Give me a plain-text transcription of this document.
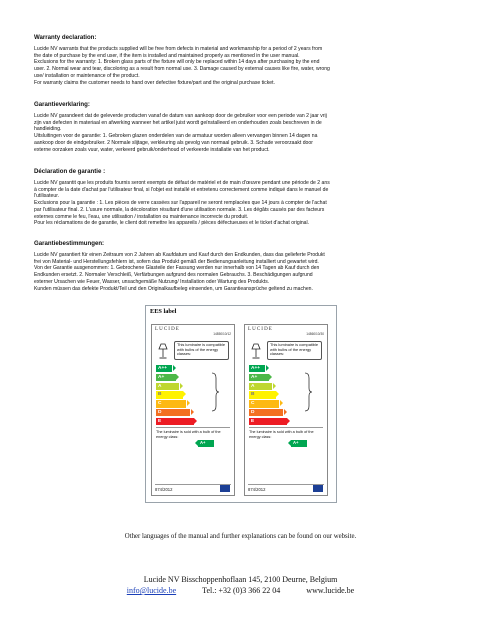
Warranty declaration:

Lucide NV warrants that the products supplied will be free from defects in material and workmanship for a period of 2 years from

the date of purchase by the end user, if the item is installed and maintained properly as mentioned in the user manual.

Exclusions for the warranty: 1. Broken glass parts of the fixture will only be replaced within 14 days after purchasing by the end

user. 2. Normal wear and tear, discoloring as a result from normal use. 3. Damage caused by external causes like fire, water, wrong

use/ installation or maintenance of the product.

For warranty claims the customer needs to hand over defective fixture/part and the original purchase ticket.

Garantieverklaring:

Lucide NV garandeert dat de geleverde producten vanaf de datum van aankoop door de gebruiker voor een periode van 2 jaar vrij

zijn van defecten in materiaal en afwerking wanneer het artikel juist wordt geïnstalleerd en onderhouden zoals beschreven in de

handleiding.

Uitsluitingen voor de garantie: 1. Gebroken glazen onderdelen van de armatuur worden alleen vervangen binnen 14 dagen na

aankoop door de eindgebruiker. 2 Normale slijtage, verkleuring als gevolg van normaal gebruik. 3. Schade veroorzaakt door

externe oorzaken zoals vuur, water, verkeerd gebruik/onderhoud of verkeerde installatie van het product.

Déclaration de garantie :

Lucide NV garantit que les produits fournis seront exempts de défaut de matériel et de main d'œuvre pendant une période de 2 ans

à compter de la date d'achat par l'utilisateur final, si l'objet est installé et entretenu correctement comme indiqué dans le manuel de

l'utilisateur.

Exclusions pour la garantie : 1. Les pièces de verre cassées sur l'appareil ne seront remplacées que 14 jours à compter de l'achat

par l'utilisateur final. 2. L'usure normale, la décoloration résultant d'une utilisation normale. 3. Les dégâts causés par des facteurs

externes comme le feu, l'eau, une utilisation / installation ou maintenance incorrecte du produit.

Pour les réclamations de de garantie, le client doit remettre les appareils / pièces défectueuses et le ticket d'achat original.

Garantiebestimmungen:

Lucide NV garantiert für einen Zeitraum von 2 Jahren ab Kaufdatum und Kauf durch den Endkunden, dass das gelieferte Produkt

frei von Material- und Herstellungsfehlern ist, sofern das Produkt gemäß der Bedienungsanleitung installiert und gewartet wird.

Von der Garantie ausgenommen: 1. Gebrochene Glasteile der Fassung werden nur innerhalb von 14 Tagen ab Kauf durch den

Endkunden ersetzt. 2. Normaler Verschleiß, Verfärbungen aufgrund des normalen Gebrauchs. 3. Beschädigungen aufgrund

externer Ursachen wie Feuer, Wasser, unsachgemäße Nutzung/ Installation oder Wartung des Produkts.

Kunden müssen das defekte Produkt/Teil und den Originalkaufbeleg einsenden, um Garantieansprüche geltend zu machen.

EES label
LUCIDE
14850/10/12
This luminaire is compatible with bulbs of the energy classes:
A++
A+
A
B
C
D
E
The luminaire is sold with a bulb of the energy class:
A+
874/2012
LUCIDE
14860/10/30
This luminaire is compatible with bulbs of the energy classes:
A++
A+
A
B
C
D
E
The luminaire is sold with a bulb of the energy class:
A+
874/2012
Other languages of the manual and further explanations can be found on our website.
Lucide NV Bisschoppenhoflaan 145, 2100 Deurne, Belgium
info@lucide.be	Tel.: +32 (0)3 366 22 04	www.lucide.be
